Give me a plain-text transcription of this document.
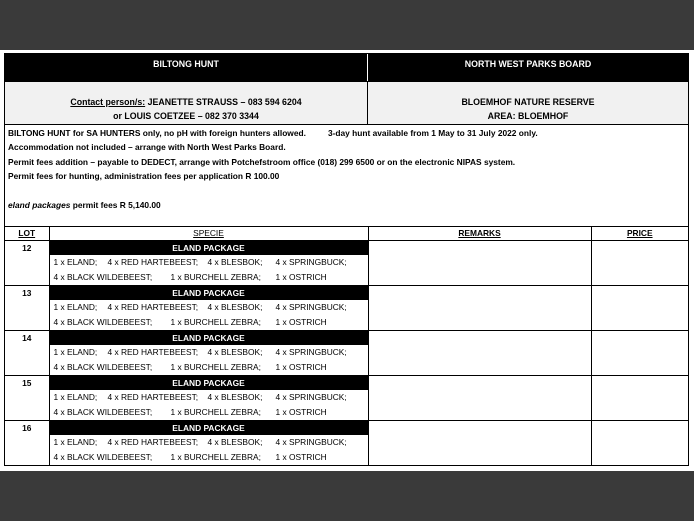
BILTONG HUNT	NORTH WEST PARKS BOARD
Contact person/s: JEANETTE STRAUSS – 083 594 6204
or LOUIS COETZEE – 082 370 3344
BLOEMHOF NATURE RESERVE
AREA: BLOEMHOF
BILTONG HUNT for SA HUNTERS only, no pH with foreign hunters allowed.	3-day hunt available from 1 May to 31 July 2022 only.
Accommodation not included – arrange with North West Parks Board.
Permit fees addition – payable to DEDECT, arrange with Potchefstroom office (018) 299 6500 or on the electronic NIPAS system.
Permit fees for hunting, administration fees per application R 100.00
eland packages permit fees R 5,140.00
LOT	SPECIE	REMARKS	PRICE
12	ELAND PACKAGE
1 x ELAND; 4 x RED HARTEBEEST; 4 x BLESBOK; 4 x SPRINGBUCK;
4 x BLACK WILDEBEEST; 1 x BURCHELL ZEBRA; 1 x OSTRICH		

13	ELAND PACKAGE
1 x ELAND; 4 x RED HARTEBEEST; 4 x BLESBOK; 4 x SPRINGBUCK;
4 x BLACK WILDEBEEST; 1 x BURCHELL ZEBRA; 1 x OSTRICH		

14	ELAND PACKAGE
1 x ELAND; 4 x RED HARTEBEEST; 4 x BLESBOK; 4 x SPRINGBUCK;
4 x BLACK WILDEBEEST; 1 x BURCHELL ZEBRA; 1 x OSTRICH		

15	ELAND PACKAGE
1 x ELAND; 4 x RED HARTEBEEST; 4 x BLESBOK; 4 x SPRINGBUCK;
4 x BLACK WILDEBEEST; 1 x BURCHELL ZEBRA; 1 x OSTRICH		

16	ELAND PACKAGE
1 x ELAND; 4 x RED HARTEBEEST; 4 x BLESBOK; 4 x SPRINGBUCK;
4 x BLACK WILDEBEEST; 1 x BURCHELL ZEBRA; 1 x OSTRICH		
